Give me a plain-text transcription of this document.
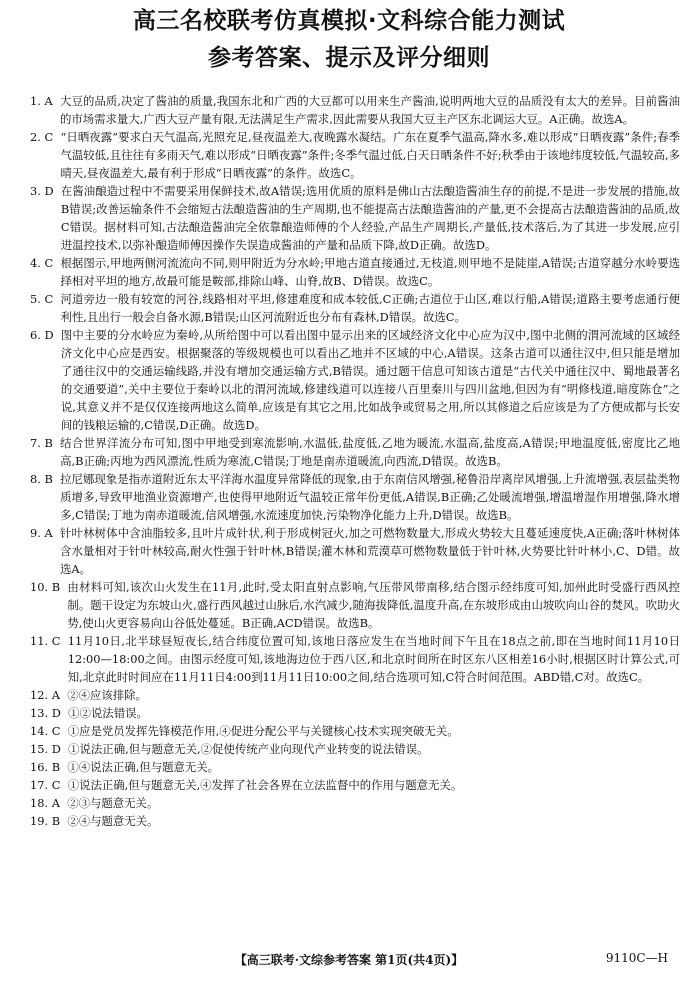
高三名校联考仿真模拟·文科综合能力测试
参考答案、提示及评分细则
1. A 大豆的品质,决定了酱油的质量,我国东北和广西的大豆都可以用来生产酱油,说明两地大豆的品质没有太大的差异。目前酱油的市场需求量大,广西大豆产量有限,无法满足生产需求,因此需要从我国大豆主产区东北调运大豆。A正确。故选A。
2. C “日晒夜露”要求白天气温高,光照充足,昼夜温差大,夜晚露水凝结。广东在夏季气温高,降水多,难以形成“日晒夜露”条件;春季气温较低,且往往有多雨天气,难以形成“日晒夜露”条件;冬季气温过低,白天日晒条件不好;秋季由于该地纬度较低,气温较高,多晴天,昼夜温差大,最有利于形成“日晒夜露”的条件。故选C。
3. D 在酱油酿造过程中不需要采用保鲜技术,故A错误;选用优质的原料是佛山古法酿造酱油生存的前提,不是进一步发展的措施,故B错误;改善运输条件不会缩短古法酿造酱油的生产周期,也不能提高古法酿造酱油的产量,更不会提高古法酿造酱油的品质,故C错误。据材料可知,古法酿造酱油完全依靠酿造师傅的个人经验,产品生产周期长,产量低,技术落后,为了其进一步发展,应引进温控技术,以弥补酿造师傅因操作失误造成酱油的产量和品质下降,故D正确。故选D。
4. C 根据图示,甲地两侧河流流向不同,则甲附近为分水岭;甲地古道直接通过,无枝道,则甲地不是陡崖,A错误;古道穿越分水岭要选择相对平坦的地方,故最可能是鞍部,排除山峰、山脊,故B、D错误。故选C。
5. C 河道旁边一般有较宽的河谷,线路相对平坦,修建难度和成本较低,C正确;古道位于山区,难以行船,A错误;道路主要考虑通行便利性,且出行一般会自备水源,B错误;山区河流附近也分布有森林,D错误。故选C。
6. D 图中主要的分水岭应为秦岭,从所给图中可以看出图中显示出来的区域经济文化中心应为汉中,图中北侧的渭河流域的区域经济文化中心应是西安。根据聚落的等级规模也可以看出乙地并不区域的中心,A错误。这条古道可以通往汉中,但只能是增加了通往汉中的交通运输线路,并没有增加交通运输方式,B错误。通过题干信息可知该古道是“古代关中通往汉中、蜀地最著名的交通要道”,关中主要位于秦岭以北的渭河流域,修建线道可以连接八百里秦川与四川盆地,但因为有“明修栈道,暗度陈仓”之说,其意义并不是仅仅连接两地这么简单,应该是有其它之用,比如战争或贸易之用,所以其修道之后应该是为了方便成都与长安间的钱粮运输的,C错误,D正确。故选D。
7. B 结合世界洋流分布可知,图中甲地受到寒流影响,水温低,盐度低,乙地为暖流,水温高,盐度高,A错误;甲地温度低,密度比乙地高,B正确;丙地为西风漂流,性质为寒流,C错误;丁地是南赤道暖流,向西流,D错误。故选B。
8. B 拉尼娜现象是指赤道附近东太平洋海水温度异常降低的现象,由于东南信风增强,秘鲁沿岸离岸风增强,上升流增强,表层盐类物质增多,导致甲地渔业资源增产,也使得甲地附近气温较正常年份更低,A错误,B正确;乙处暖流增强,增温增湿作用增强,降水增多,C错误;丁地为南赤道暖流,信风增强,水流速度加快,污染物净化能力上升,D错误。故选B。
9. A 针叶林树体中含油脂较多,且叶片成针状,利于形成树冠火,加之可燃物数量大,形成火势较大且蔓延速度快,A正确;落叶林树体含水量相对于针叶林较高,耐火性强于针叶林,B错误;灌木林和荒漠草可燃物数量低于针叶林,火势要比针叶林小,C、D错。故选A。
10. B 由材料可知,该次山火发生在11月,此时,受太阳直射点影响,气压带风带南移,结合图示经纬度可知,加州此时受盛行西风控制。题干设定为东坡山火,盛行西风越过山脉后,水汽减少,随海拔降低,温度升高,在东坡形成由山坡吹向山谷的焚风。吹助火势,使山火更容易向山谷低处蔓延。B正确,ACD错误。故选B。
11. C 11月10日,北半球昼短夜长,结合纬度位置可知,该地日落应发生在当地时间下午且在18点之前,即在当地时间11月10日12:00—18:00之间。由图示经度可知,该地海边位于西八区,和北京时间所在时区东八区相差16小时,根据区时计算公式,可知,北京此时时间应在11月11日4:00到11月11日10:00之间,结合选项可知,C符合时间范围。ABD错,C对。故选C。
12. A ②④应该排除。
13. D ①②说法错误。
14. C ①应是党员发挥先锋模范作用,④促进分配公平与关键核心技术实现突破无关。
15. D ①说法正确,但与题意无关,②促使传统产业向现代产业转变的说法错误。
16. B ①④说法正确,但与题意无关。
17. C ①说法正确,但与题意无关,④发挥了社会各界在立法监督中的作用与题意无关。
18. A ②③与题意无关。
19. B ②④与题意无关。
【高三联考·文综参考答案 第1页(共4页)】	9110C—H
